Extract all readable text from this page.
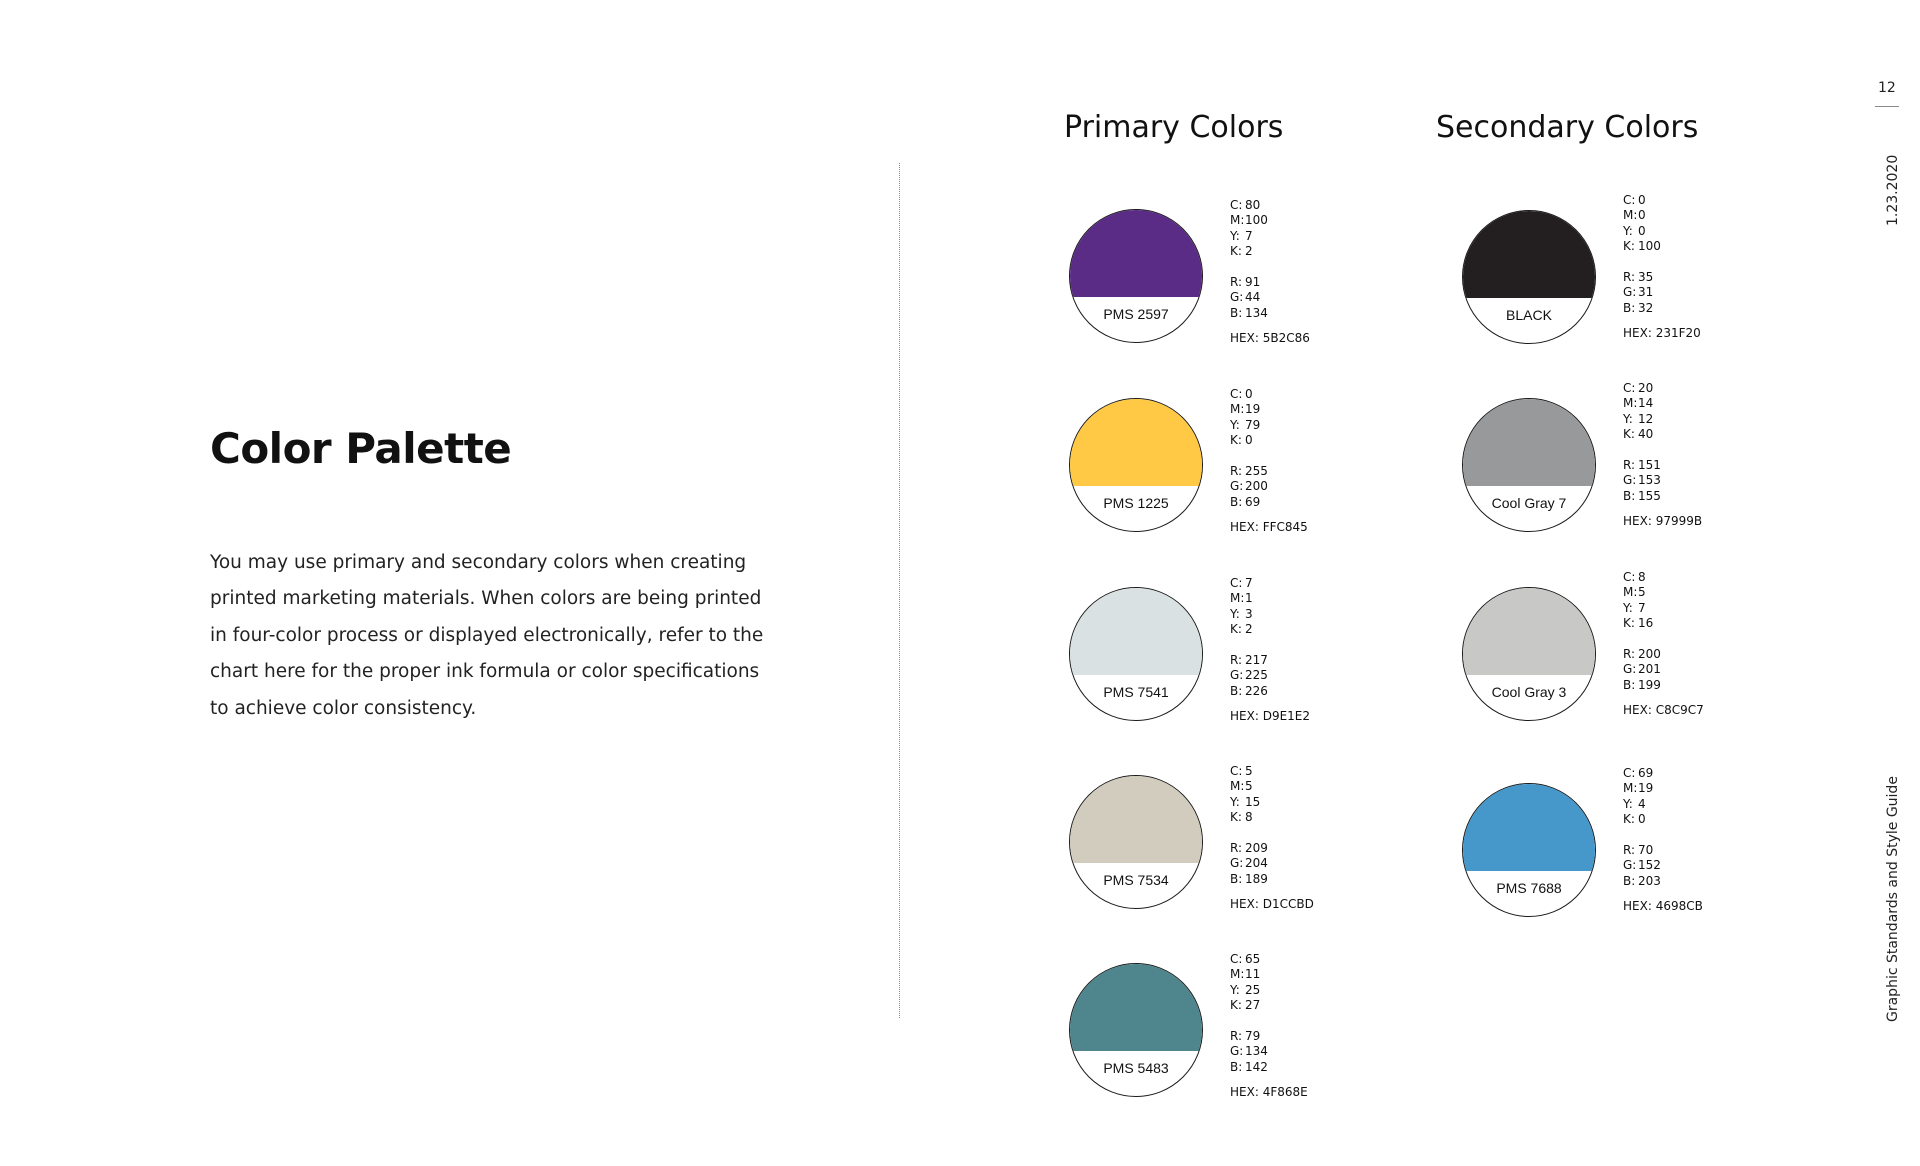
Color Palette

You may use primary and secondary colors when creating printed marketing materials. When colors are being printed in four-color process or displayed electronically, refer to the chart here for the proper ink formula or color specifications to achieve color consistency.

Primary Colors	Secondary Colors
PMS 2597
C: 80
M:100
Y: 7
K: 2
R: 91
G: 44
B: 134
HEX: 5B2C86
PMS 1225
C: 0
M:19
Y: 79
K: 0
R: 255
G: 200
B: 69
HEX: FFC845
PMS 7541
C: 7
M:1
Y: 3
K: 2
R: 217
G: 225
B: 226
HEX: D9E1E2
PMS 7534
C: 5
M:5
Y: 15
K: 8
R: 209
G: 204
B: 189
HEX: D1CCBD
PMS 5483
C: 65
M:11
Y: 25
K: 27
R: 79
G: 134
B: 142
HEX: 4F868E
BLACK
C: 0
M:0
Y: 0
K: 100
R: 35
G: 31
B: 32
HEX: 231F20
Cool Gray 7
C: 20
M:14
Y: 12
K: 40
R: 151
G: 153
B: 155
HEX: 97999B
Cool Gray 3
C: 8
M:5
Y: 7
K: 16
R: 200
G: 201
B: 199
HEX: C8C9C7
PMS 7688
C: 69
M:19
Y: 4
K: 0
R: 70
G: 152
B: 203
HEX: 4698CB
12
1.23.2020
Graphic Standards and Style Guide
